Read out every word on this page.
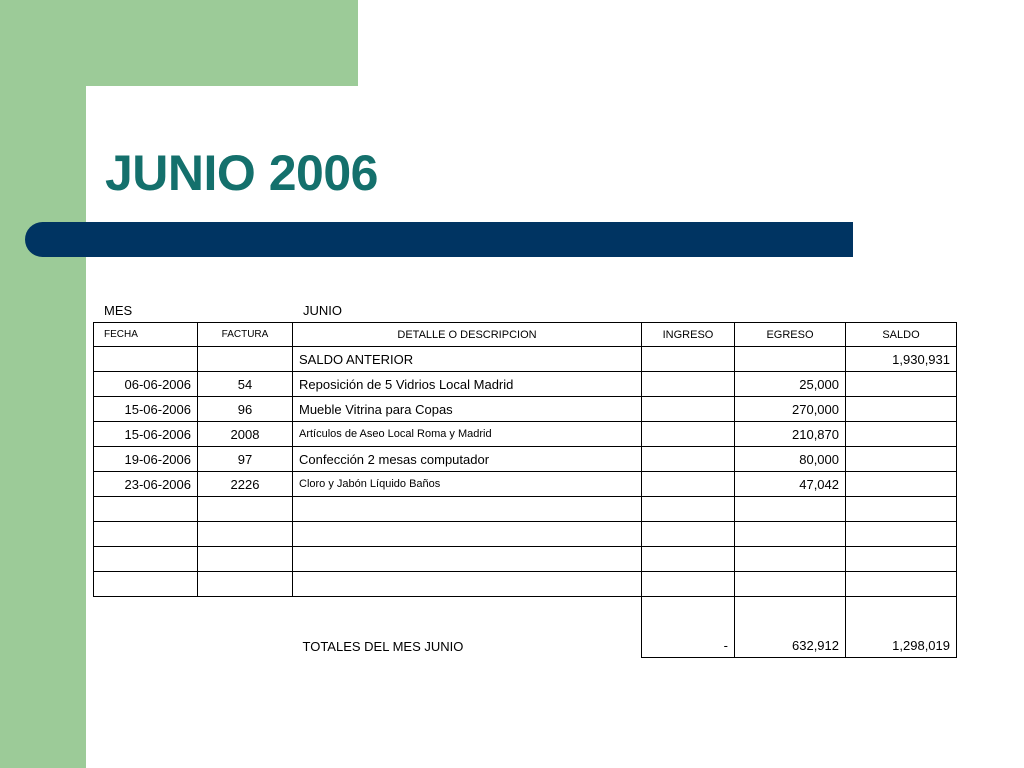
JUNIO 2006
MES	JUNIO
FECHA	FACTURA	DETALLE O DESCRIPCION	INGRESO	EGRESO	SALDO
		SALDO ANTERIOR			1,930,931
06-06-2006	54	Reposición de 5 Vidrios Local Madrid		25,000	
15-06-2006	96	Mueble Vitrina para Copas		270,000	
15-06-2006	2008	Artículos de Aseo Local Roma y Madrid		210,870	
19-06-2006	97	Confección 2 mesas computador		80,000	
23-06-2006	2226	Cloro y Jabón Líquido Baños		47,042	

		TOTALES DEL MES JUNIO	-	632,912	1,298,019
